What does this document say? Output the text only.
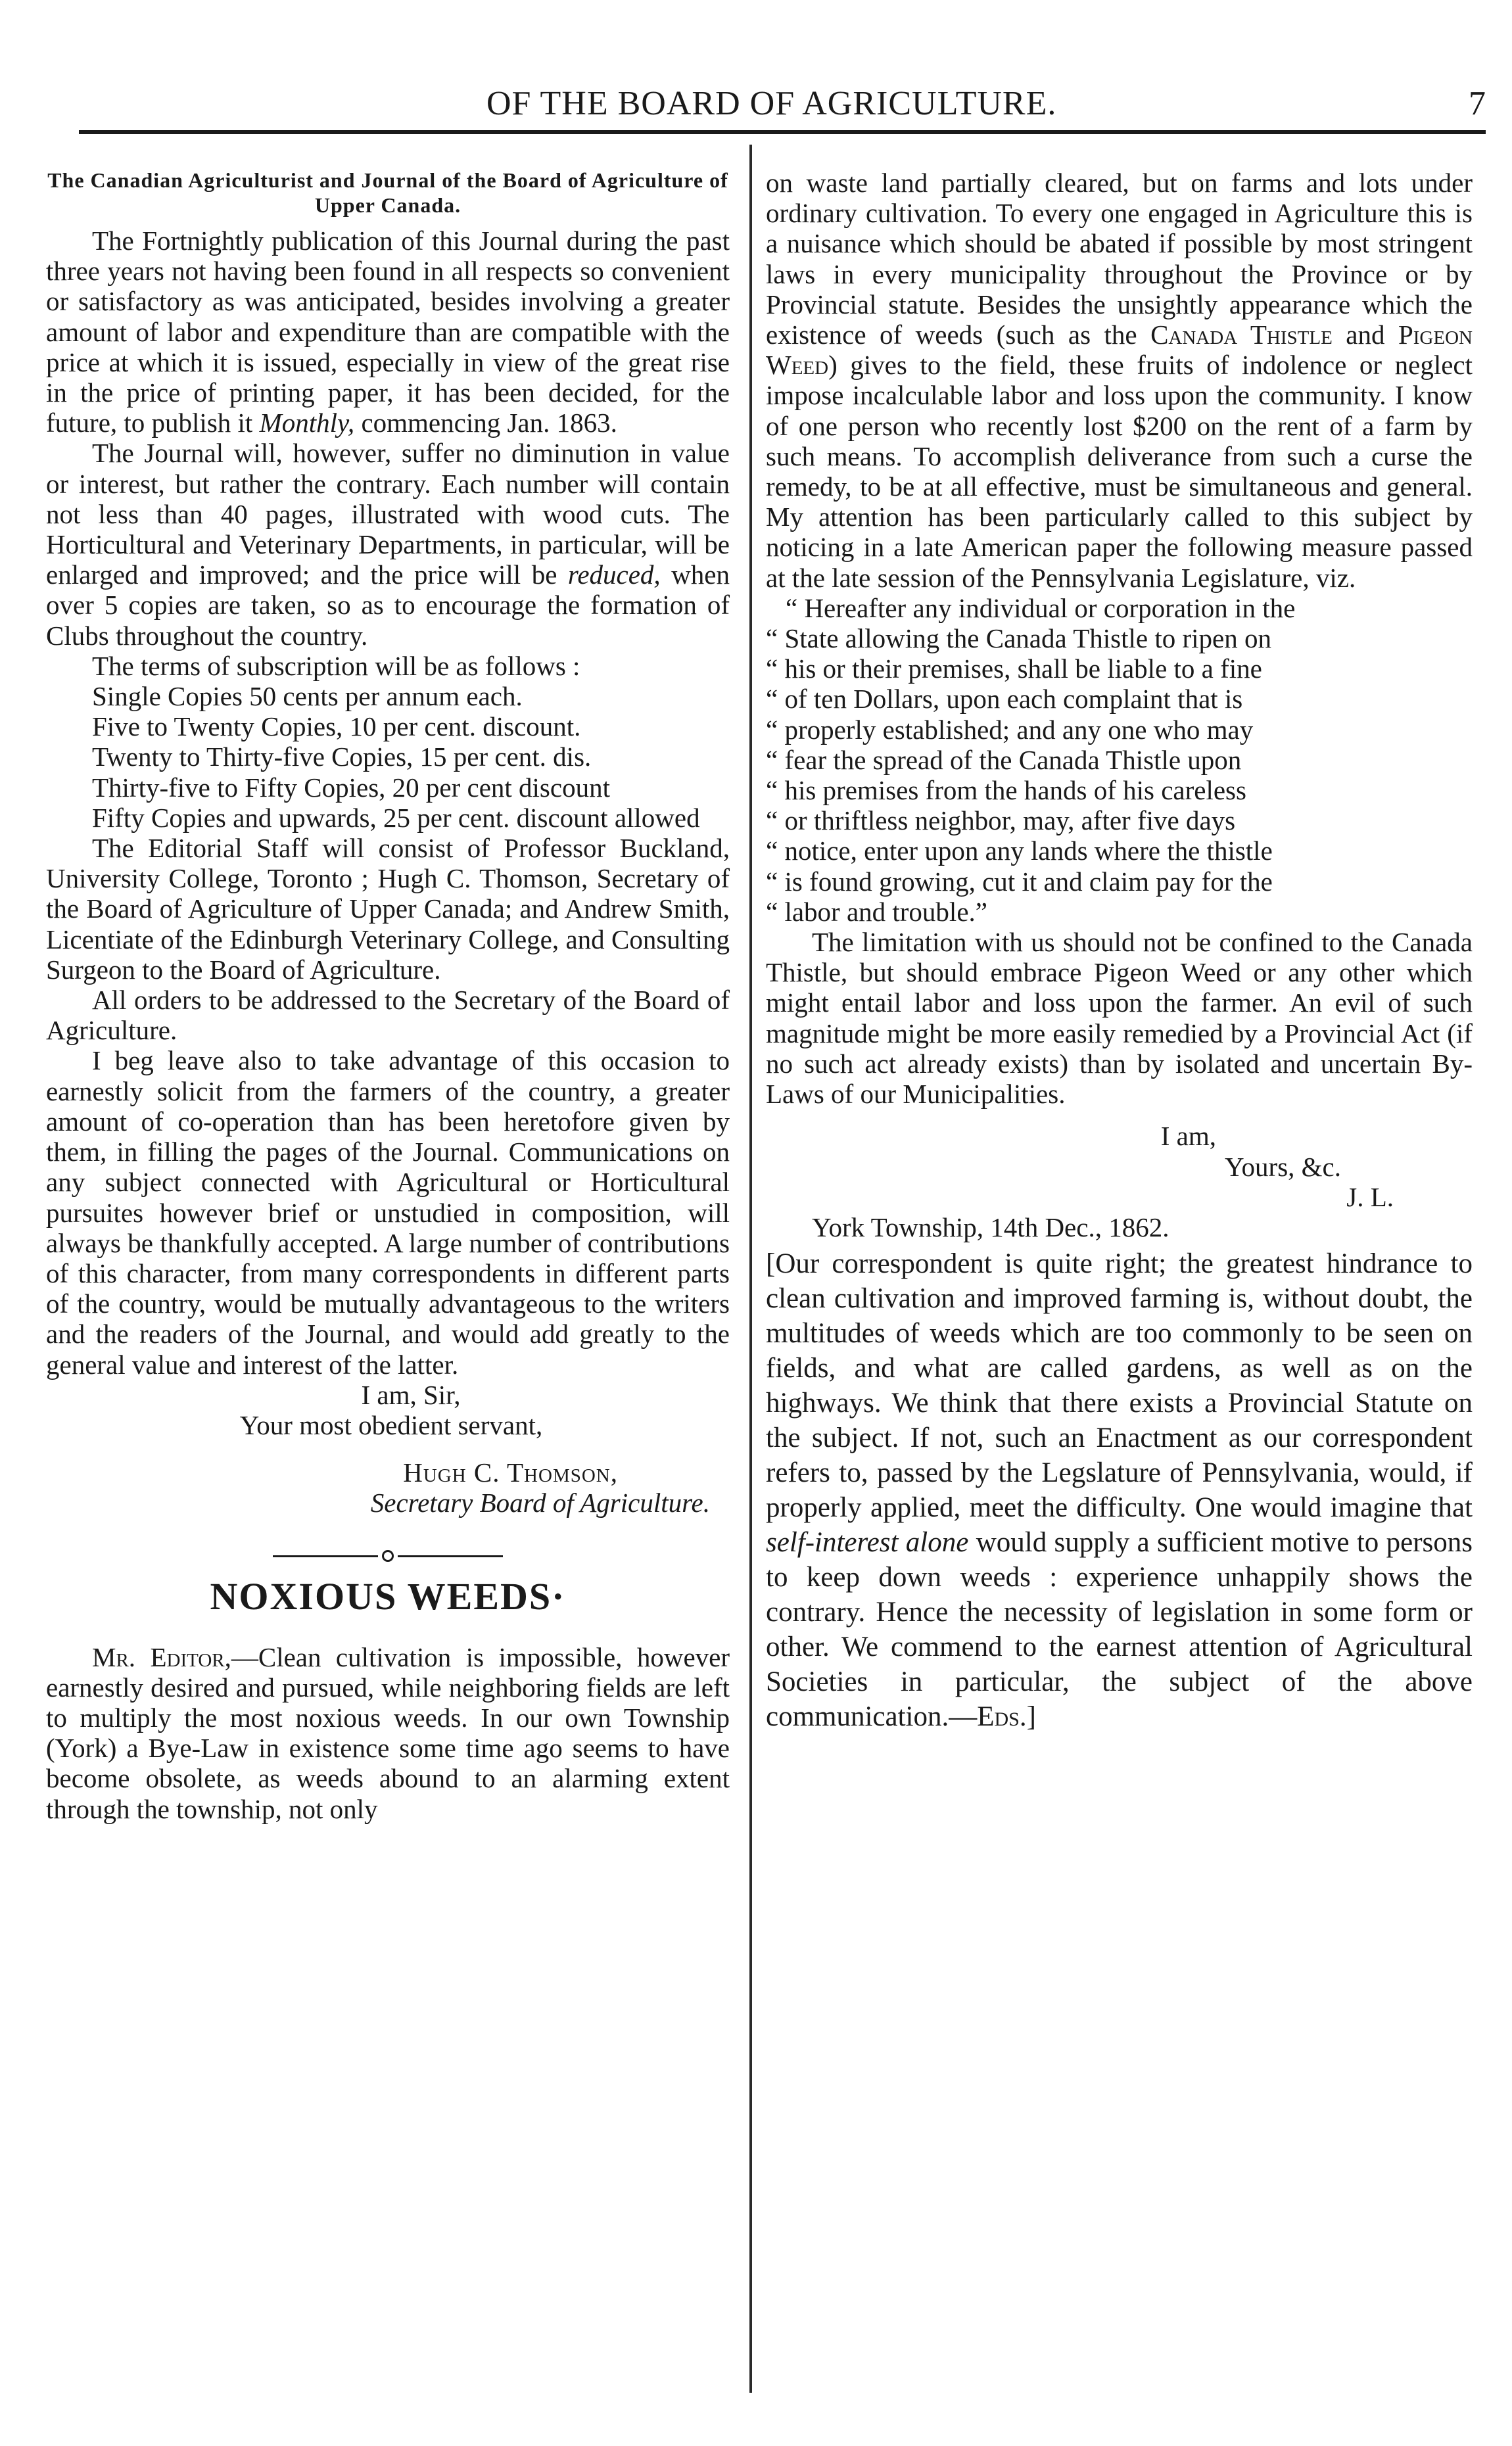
OF THE BOARD OF AGRICULTURE.	7
The Canadian Agriculturist and Journal of the Board of Agriculture of Upper Canada.

The Fortnightly publication of this Journal during the past three years not having been found in all respects so convenient or satisfactory as was anticipated, besides involving a greater amount of labor and expenditure than are compatible with the price at which it is issued, especially in view of the great rise in the price of printing paper, it has been decided, for the future, to publish it Monthly, commencing Jan. 1863.

The Journal will, however, suffer no diminution in value or interest, but rather the contrary. Each number will contain not less than 40 pages, illustrated with wood cuts. The Horticultural and Veterinary Departments, in particular, will be enlarged and improved; and the price will be reduced, when over 5 copies are taken, so as to encourage the formation of Clubs throughout the country.

The terms of subscription will be as follows :

Single Copies 50 cents per annum each.

Five to Twenty Copies, 10 per cent. discount.

Twenty to Thirty-five Copies, 15 per cent. dis.

Thirty-five to Fifty Copies, 20 per cent discount

Fifty Copies and upwards, 25 per cent. discount allowed

The Editorial Staff will consist of Professor Buckland, University College, Toronto ; Hugh C. Thomson, Secretary of the Board of Agriculture of Upper Canada; and Andrew Smith, Licentiate of the Edinburgh Veterinary College, and Consulting Surgeon to the Board of Agriculture.

All orders to be addressed to the Secretary of the Board of Agriculture.

I beg leave also to take advantage of this occasion to earnestly solicit from the farmers of the country, a greater amount of co-operation than has been heretofore given by them, in filling the pages of the Journal. Communications on any subject connected with Agricultural or Horticultural pursuites however brief or unstudied in composition, will always be thankfully accepted. A large number of contributions of this character, from many correspondents in different parts of the country, would be mutually advantageous to the writers and the readers of the Journal, and would add greatly to the general value and interest of the latter.

I am, Sir,

Your most obedient servant,

Hugh C. Thomson,

Secretary Board of Agriculture.

NOXIOUS WEEDS·

Mr. Editor,—Clean cultivation is impossible, however earnestly desired and pursued, while neighboring fields are left to multiply the most noxious weeds. In our own Township (York) a Bye-Law in existence some time ago seems to have become obsolete, as weeds abound to an alarming extent through the township, not only

on waste land partially cleared, but on farms and lots under ordinary cultivation. To every one engaged in Agriculture this is a nuisance which should be abated if possible by most stringent laws in every municipality throughout the Province or by Provincial statute. Besides the unsightly appearance which the existence of weeds (such as the Canada Thistle and Pigeon Weed) gives to the field, these fruits of indolence or neglect impose incalculable labor and loss upon the community. I know of one person who recently lost $200 on the rent of a farm by such means. To accomplish deliverance from such a curse the remedy, to be at all effective, must be simultaneous and general. My attention has been particularly called to this subject by noticing in a late American paper the following measure passed at the late session of the Pennsylvania Legislature, viz.

“ Hereafter any individual or corporation in the

“ State allowing the Canada Thistle to ripen on

“ his or their premises, shall be liable to a fine

“ of ten Dollars, upon each complaint that is

“ properly established; and any one who may

“ fear the spread of the Canada Thistle upon

“ his premises from the hands of his careless

“ or thriftless neighbor, may, after five days

“ notice, enter upon any lands where the thistle

“ is found growing, cut it and claim pay for the

“ labor and trouble.”

The limitation with us should not be confined to the Canada Thistle, but should embrace Pigeon Weed or any other which might entail labor and loss upon the farmer. An evil of such magnitude might be more easily remedied by a Provincial Act (if no such act already exists) than by isolated and uncertain By-Laws of our Municipalities.

I am,

Yours, &c.

J. L.

York Township, 14th Dec., 1862.

[Our correspondent is quite right; the greatest hindrance to clean cultivation and improved farming is, without doubt, the multitudes of weeds which are too commonly to be seen on fields, and what are called gardens, as well as on the highways. We think that there exists a Provincial Statute on the subject. If not, such an Enactment as our correspondent refers to, passed by the Legslature of Pennsylvania, would, if properly applied, meet the difficulty. One would imagine that self-interest alone would supply a sufficient motive to persons to keep down weeds : experience unhappily shows the contrary. Hence the necessity of legislation in some form or other. We commend to the earnest attention of Agricultural Societies in particular, the subject of the above communication.—Eds.]
